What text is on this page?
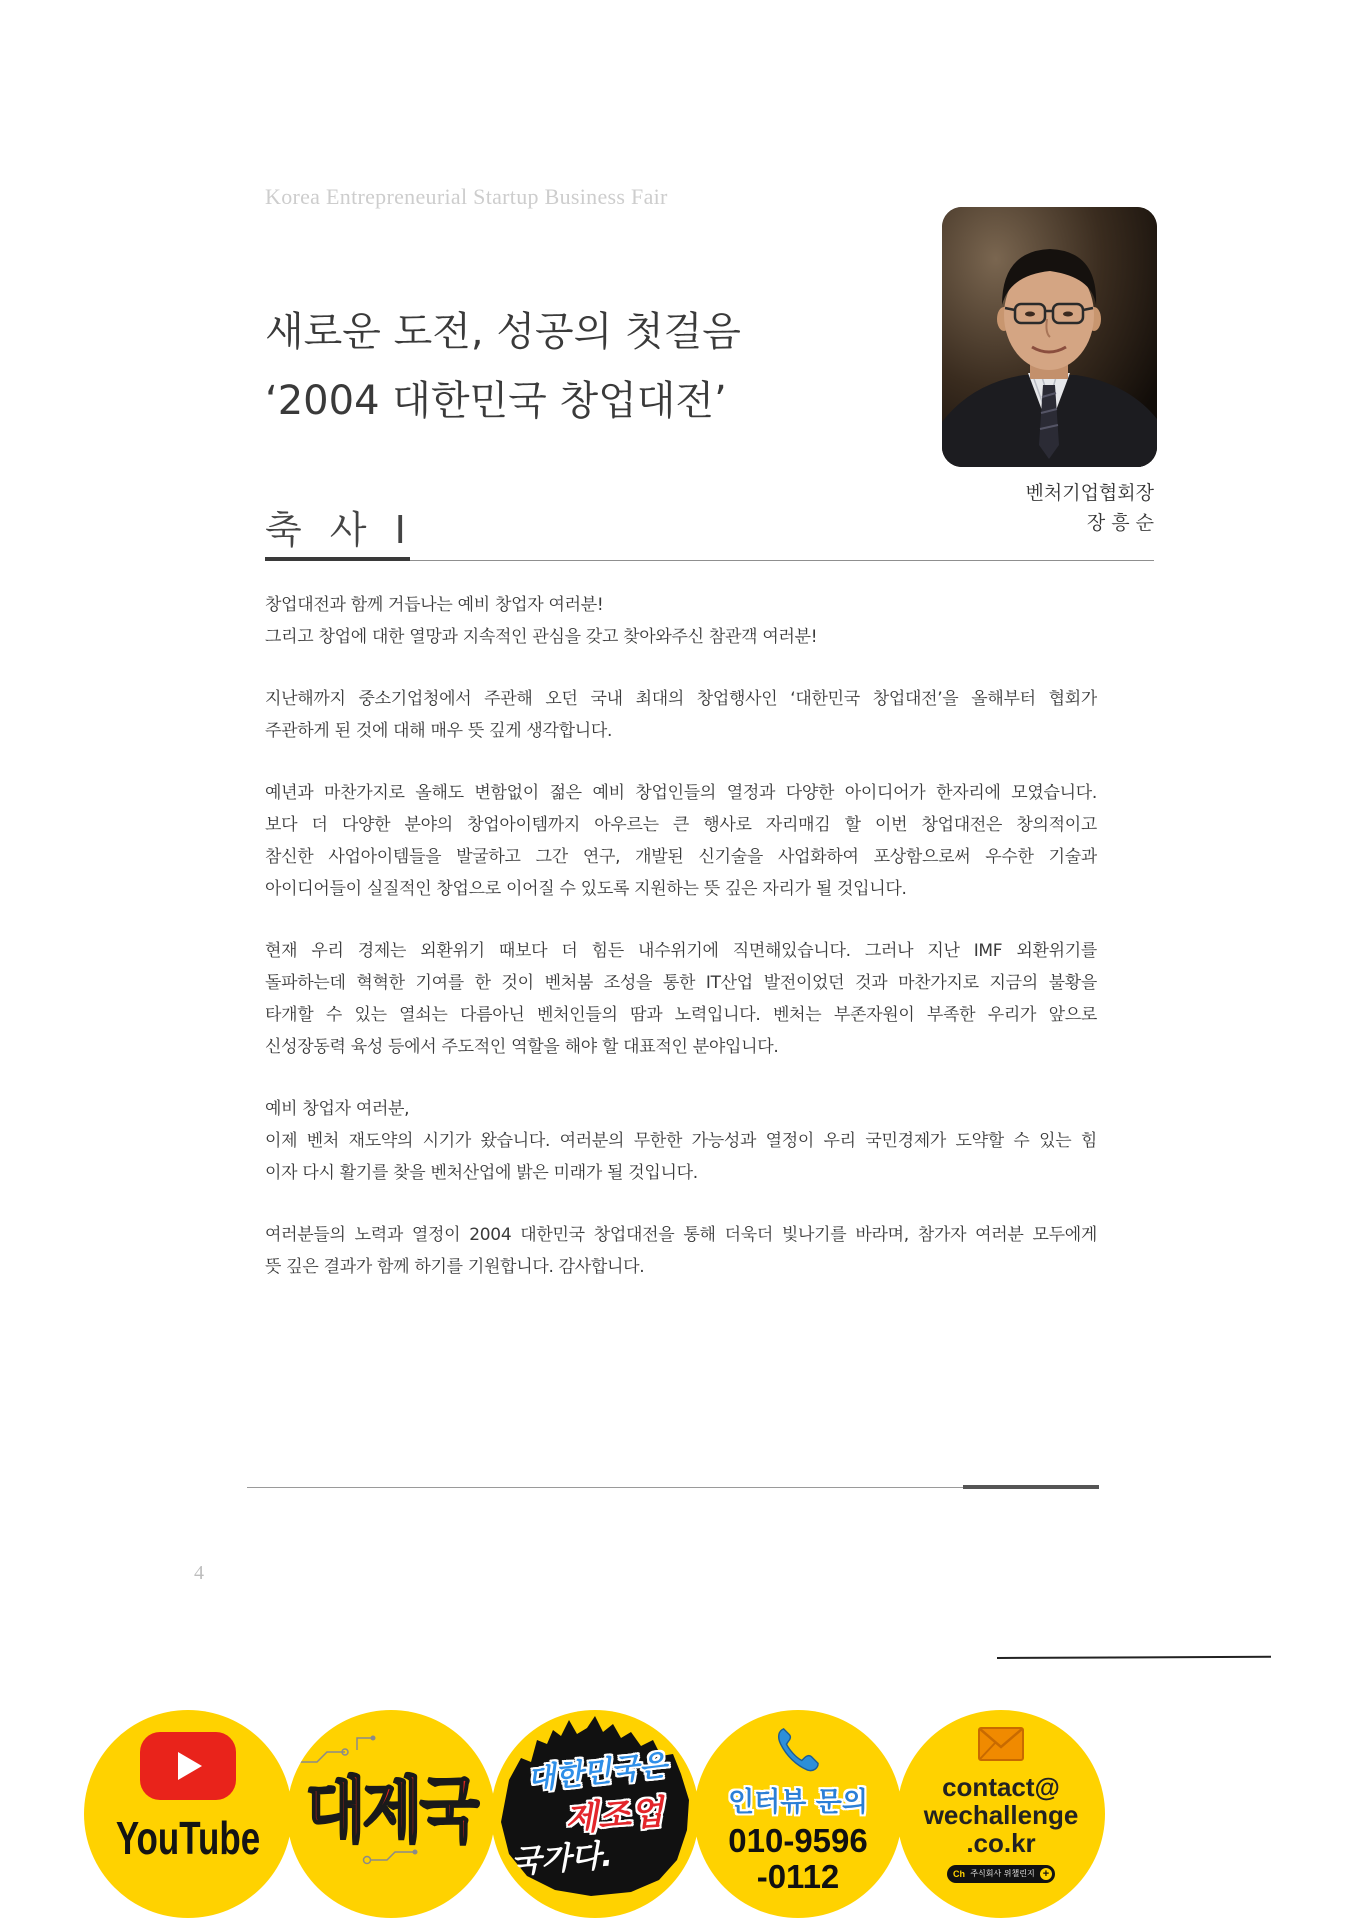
Korea Entrepreneurial Startup Business Fair
새로운 도전, 성공의 첫걸음
‘2004 대한민국 창업대전’
벤처기업협회장
장 흥 순
축 사 I
창업대전과 함께 거듭나는 예비 창업자 여러분!
그리고 창업에 대한 열망과 지속적인 관심을 갖고 찾아와주신 참관객 여러분!
지난해까지 중소기업청에서 주관해 오던 국내 최대의 창업행사인 ‘대한민국 창업대전’을 올해부터 협회가
주관하게 된 것에 대해 매우 뜻 깊게 생각합니다.
예년과 마찬가지로 올해도 변함없이 젊은 예비 창업인들의 열정과 다양한 아이디어가 한자리에 모였습니다.
보다 더 다양한 분야의 창업아이템까지 아우르는 큰 행사로 자리매김 할 이번 창업대전은 창의적이고
참신한 사업아이템들을 발굴하고 그간 연구, 개발된 신기술을 사업화하여 포상함으로써 우수한 기술과
아이디어들이 실질적인 창업으로 이어질 수 있도록 지원하는 뜻 깊은 자리가 될 것입니다.
현재 우리 경제는 외환위기 때보다 더 힘든 내수위기에 직면해있습니다. 그러나 지난 IMF 외환위기를
돌파하는데 혁혁한 기여를 한 것이 벤처붐 조성을 통한 IT산업 발전이었던 것과 마찬가지로 지금의 불황을
타개할 수 있는 열쇠는 다름아닌 벤처인들의 땀과 노력입니다. 벤처는 부존자원이 부족한 우리가 앞으로
신성장동력 육성 등에서 주도적인 역할을 해야 할 대표적인 분야입니다.
예비 창업자 여러분,
이제 벤처 재도약의 시기가 왔습니다. 여러분의 무한한 가능성과 열정이 우리 국민경제가 도약할 수 있는 힘
이자 다시 활기를 찾을 벤처산업에 밝은 미래가 될 것입니다.
여러분들의 노력과 열정이 2004 대한민국 창업대전을 통해 더욱더 빛나기를 바라며, 참가자 여러분 모두에게
뜻 깊은 결과가 함께 하기를 기원합니다. 감사합니다.
4
YouTube 대제국	대한민국은
제조업
국가다.
인터뷰 문의
010-9596
-0112
contact@
wechallenge
.co.kr
Ch 주식회사 위챌린지 +
